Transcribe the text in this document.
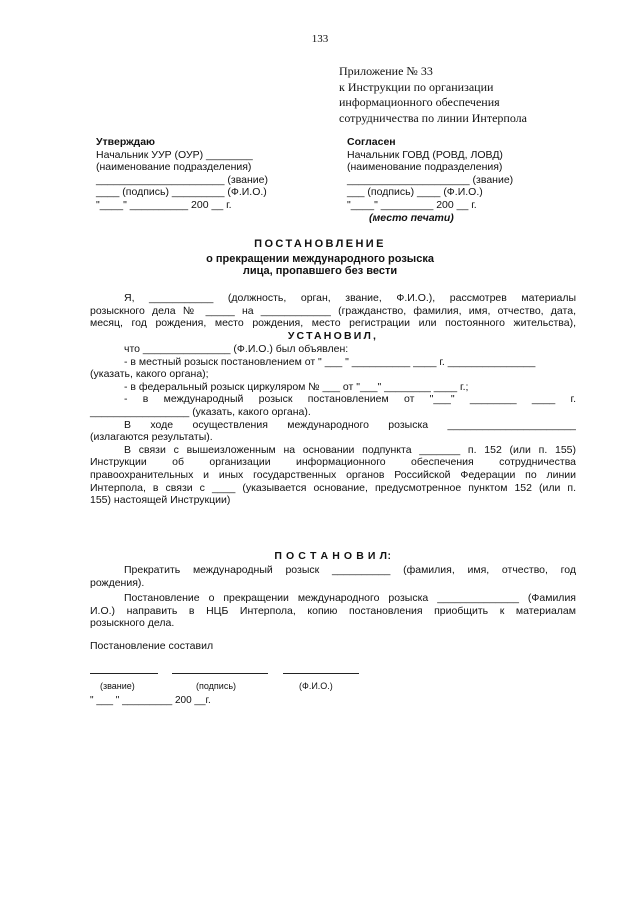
133
Приложение № 33
к Инструкции по организации
информационного обеспечения
сотрудничества по линии Интерпола
Утверждаю
Начальник УУР (ОУР) ________
(наименование подразделения)
______________________ (звание)
____ (подпись) _________ (Ф.И.О.)
"____" __________ 200 __ г.
Согласен
Начальник ГОВД (РОВД, ЛОВД)
(наименование подразделения)
_____________________ (звание)
___ (подпись) ____ (Ф.И.О.)
"____" _________ 200 __ г.
(место печати)
ПОСТАНОВЛЕНИЕ
о прекращении международного розыска
лица, пропавшего без вести
Я, ___________ (должность, орган, звание, Ф.И.О.), рассмотрев материалы
розыскного дела № _____ на ____________ (гражданство, фамилия, имя, отчество, дата,
месяц, год рождения, место рождения, место регистрации или постоянного жительства),
УСТАНОВИЛ,
что _______________ (Ф.И.О.) был объявлен:
- в местный розыск постановлением от " ___ " __________ ____ г. _______________
(указать, какого органа);
- в федеральный розыск циркуляром № ___ от "___" ________ ____ г.;
- в международный розыск постановлением от "___" ________ ____ г.
_________________ (указать, какого органа).
В ходе осуществления международного розыска ______________________
(излагаются результаты).
В связи с вышеизложенным на основании подпункта _______ п. 152 (или п. 155)
Инструкции об организации информационного обеспечения сотрудничества
правоохранительных и иных государственных органов Российской Федерации по линии
Интерпола, в связи с ____ (указывается основание, предусмотренное пунктом 152 (или п.
155) настоящей Инструкции)
П О С Т А Н О В И Л:
Прекратить международный розыск __________ (фамилия, имя, отчество, год
рождения).
Постановление о прекращении международного розыска ______________ (Фамилия
И.О.) направить в НЦБ Интерпола, копию постановления приобщить к материалам
розыскного дела.
Постановление составил
(звание)	(подпись)	(Ф.И.О.)
" ___ " _________ 200 __г.
